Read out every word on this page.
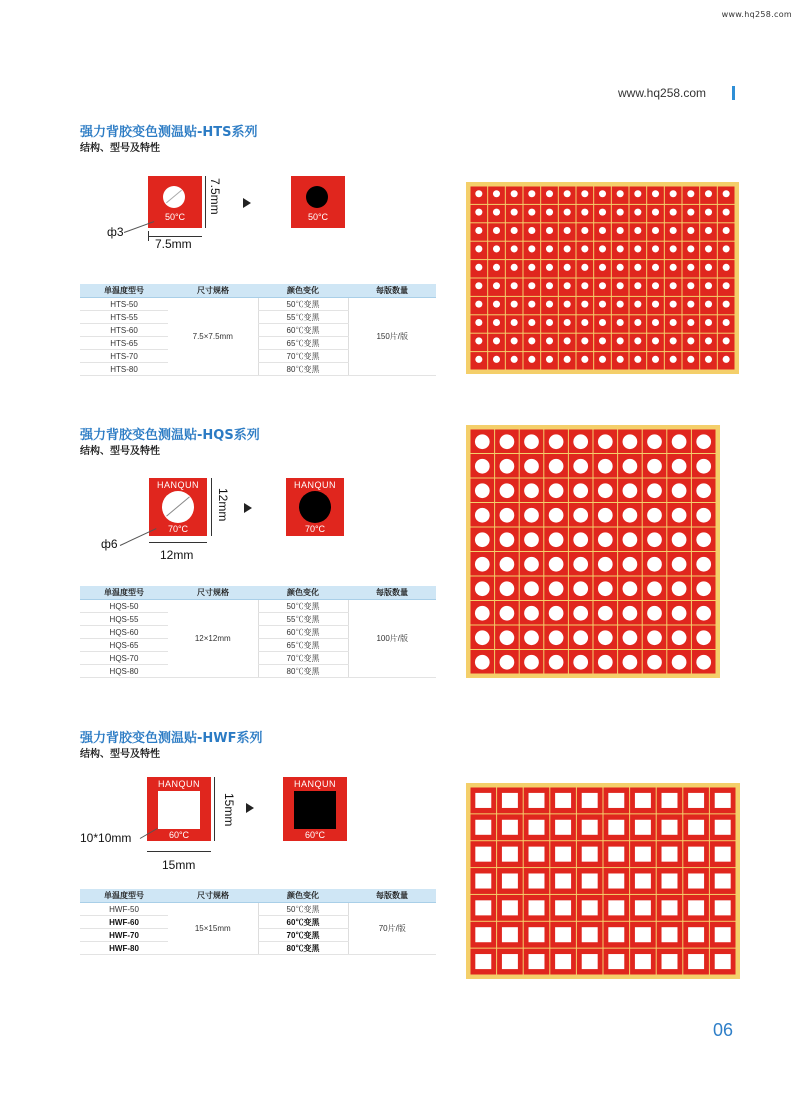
www.hq258.com
www.hq258.com
强力背胶变色测温贴-HTS系列
结构、型号及特性
50°C
7.5mm
7.5mm
ф3
50°C
单温度型号	尺寸规格	颜色变化	每版数量
HTS-50	7.5×7.5mm	50℃变黑	150片/版
HTS-55		55℃变黑	
HTS-60		60℃变黑	
HTS-65		65℃变黑	
HTS-70		70℃变黑	
HTS-80		80℃变黑	
强力背胶变色测温贴-HQS系列
结构、型号及特性
HANQUN
70°C
12mm
12mm
ф6
HANQUN
70°C
单温度型号	尺寸规格	颜色变化	每版数量
HQS-50	12×12mm	50℃变黑	100片/版
HQS-55		55℃变黑	
HQS-60		60℃变黑	
HQS-65		65℃变黑	
HQS-70		70℃变黑	
HQS-80		80℃变黑	
强力背胶变色测温贴-HWF系列
结构、型号及特性
HANQUN
60°C
15mm
15mm
10*10mm
HANQUN
60°C
单温度型号	尺寸规格	颜色变化	每版数量
HWF-50	15×15mm	50℃变黑	70片/版
HWF-60		60℃变黑	
HWF-70		70℃变黑	
HWF-80		80℃变黑	
06
